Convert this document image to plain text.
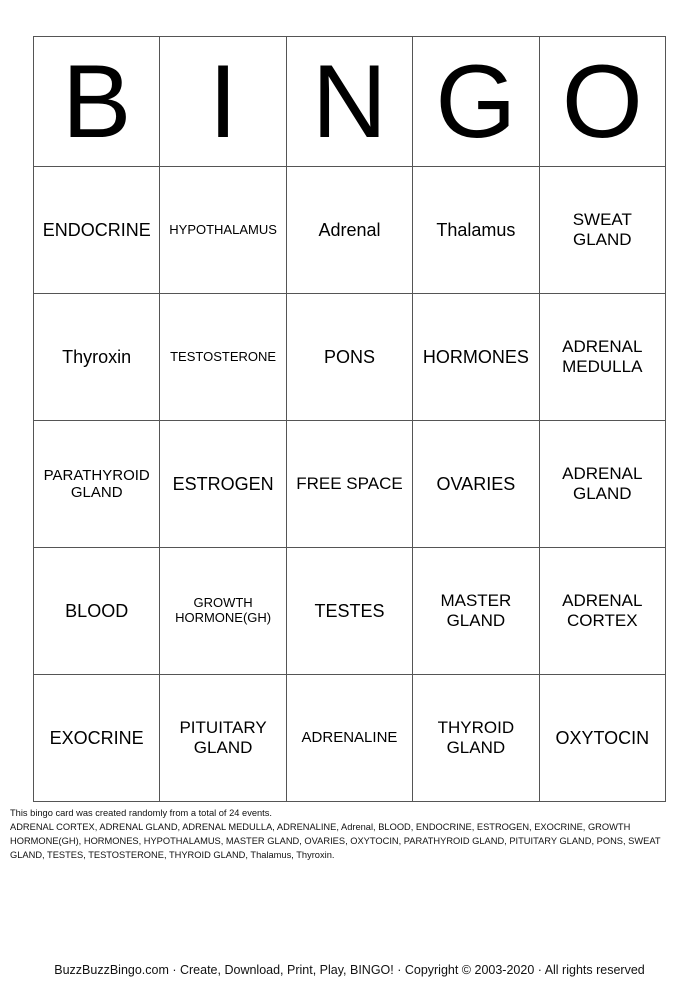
B	I	N	G	O
ENDOCRINE	HYPOTHALAMUS	Adrenal	Thalamus	SWEAT GLAND
Thyroxin	TESTOSTERONE	PONS	HORMONES	ADRENAL MEDULLA
PARATHYROID GLAND	ESTROGEN	FREE SPACE	OVARIES	ADRENAL GLAND
BLOOD	GROWTH HORMONE(GH)	TESTES	MASTER GLAND	ADRENAL CORTEX
EXOCRINE	PITUITARY GLAND	ADRENALINE	THYROID GLAND	OXYTOCIN
This bingo card was created randomly from a total of 24 events.
ADRENAL CORTEX, ADRENAL GLAND, ADRENAL MEDULLA, ADRENALINE, Adrenal, BLOOD, ENDOCRINE, ESTROGEN, EXOCRINE, GROWTH HORMONE(GH), HORMONES, HYPOTHALAMUS, MASTER GLAND, OVARIES, OXYTOCIN, PARATHYROID GLAND, PITUITARY GLAND, PONS, SWEAT GLAND, TESTES, TESTOSTERONE, THYROID GLAND, Thalamus, Thyroxin.
BuzzBuzzBingo.com · Create, Download, Print, Play, BINGO! · Copyright © 2003-2020 · All rights reserved
